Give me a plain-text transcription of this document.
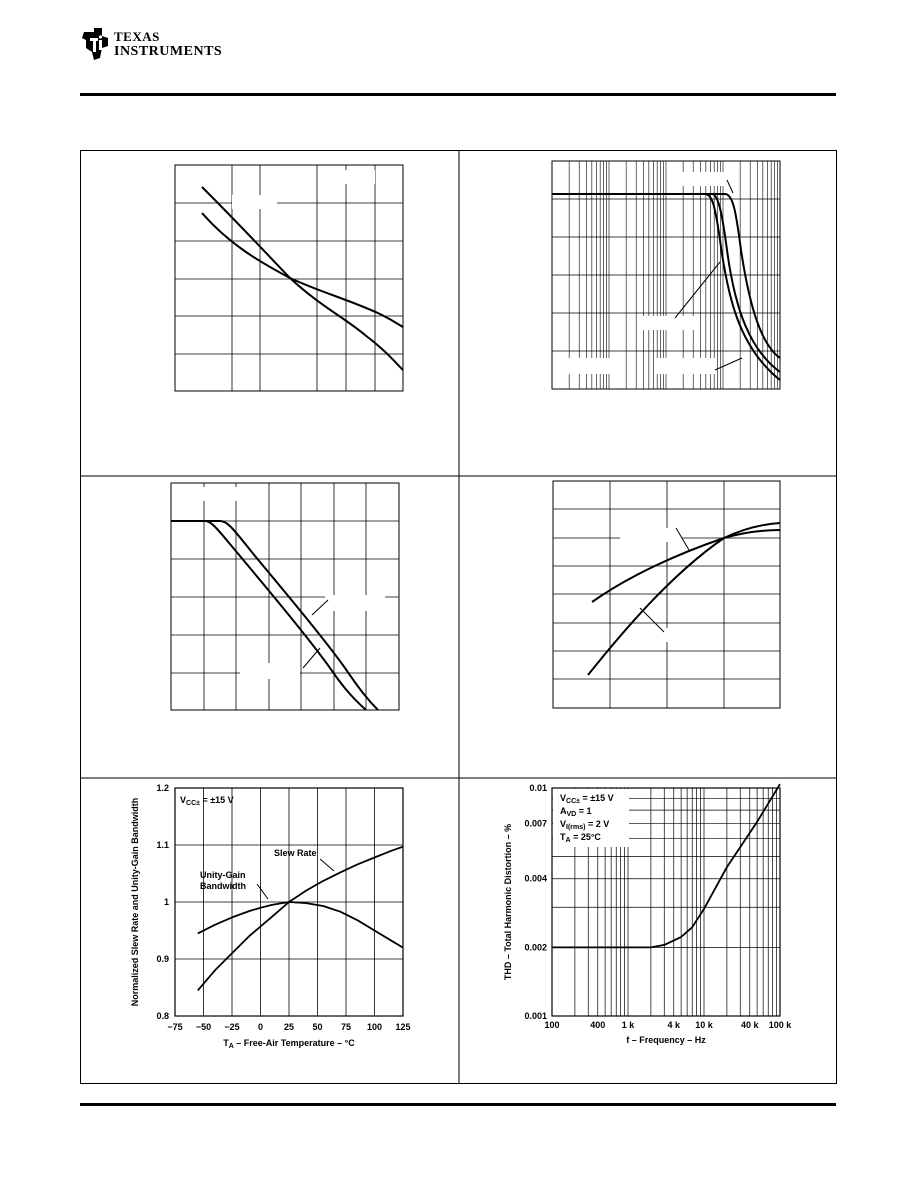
TEXAS
INSTRUMENTS
−75 −50 −25 0 25 50 75 100 125
0.8
0.9
1
1.1
1.2
$V_{CC\pm} = \pm 15$ V
Slew Rate
Unity-Gain
Bandwidth
$T_A$ – Free-Air Temperature – °C
Normalized Slew Rate and Unity-Gain Bandwidth
100	400 1 k	4 k 10 k	40 k 100 k
0.001
0.002
0.004
0.007
0.01
$V_{CC\pm} = \pm 15$ V
$A_{VD} = 1$
$V_{I(rms)} = 2$ V
$T_A = 25^\circ C$
f – Frequency – Hz
THD – Total Harmonic Distortion – %
